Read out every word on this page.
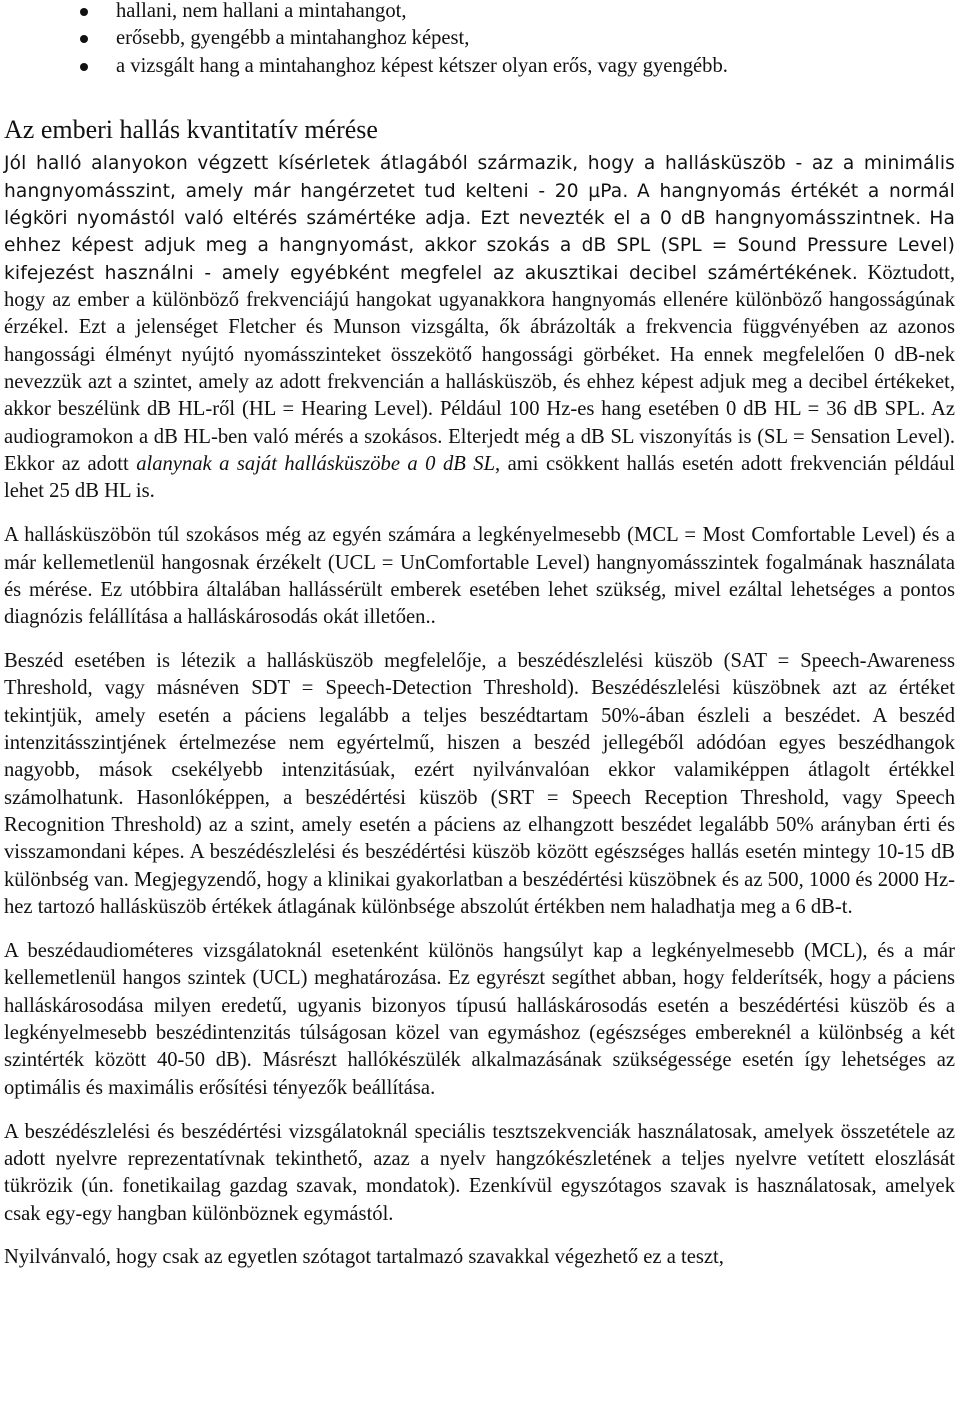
hallani, nem hallani a mintahangot,
erősebb, gyengébb a mintahanghoz képest,
a vizsgált hang a mintahanghoz képest kétszer olyan erős, vagy gyengébb.
Az emberi hallás kvantitatív mérése

Jól halló alanyokon végzett kísérletek átlagából származik, hogy a hallásküszöb - az a minimális hangnyomásszint, amely már hangérzetet tud kelteni - 20 µPa. A hangnyomás értékét a normál légköri nyomástól való eltérés számértéke adja. Ezt nevezték el a 0 dB hangnyomásszintnek. Ha ehhez képest adjuk meg a hangnyomást, akkor szokás a dB SPL (SPL = Sound Pressure Level) kifejezést használni - amely egyébként megfelel az akusztikai decibel számértékének. Köztudott, hogy az ember a különböző frekvenciájú hangokat ugyanakkora hangnyomás ellenére különböző hangosságúnak érzékel. Ezt a jelenséget Fletcher és Munson vizsgálta, ők ábrázolták a frekvencia függvényében az azonos hangossági élményt nyújtó nyomásszinteket összekötő hangossági görbéket. Ha ennek megfelelően 0 dB-nek nevezzük azt a szintet, amely az adott frekvencián a hallásküszöb, és ehhez képest adjuk meg a decibel értékeket, akkor beszélünk dB HL-ről (HL = Hearing Level). Például 100 Hz-es hang esetében 0 dB HL = 36 dB SPL. Az audiogramokon a dB HL-ben való mérés a szokásos. Elterjedt még a dB SL viszonyítás is (SL = Sensation Level). Ekkor az adott alanynak a saját hallásküszöbe a 0 dB SL, ami csökkent hallás esetén adott frekvencián például lehet 25 dB HL is.

A hallásküszöbön túl szokásos még az egyén számára a legkényelmesebb (MCL = Most Comfortable Level) és a már kellemetlenül hangosnak érzékelt (UCL = UnComfortable Level) hangnyomásszintek fogalmának használata és mérése. Ez utóbbira általában hallássérült emberek esetében lehet szükség, mivel ezáltal lehetséges a pontos diagnózis felállítása a halláskárosodás okát illetően..

Beszéd esetében is létezik a hallásküszöb megfelelője, a beszédészlelési küszöb (SAT = Speech-Awareness Threshold, vagy másnéven SDT = Speech-Detection Threshold). Beszédészlelési küszöbnek azt az értéket tekintjük, amely esetén a páciens legalább a teljes beszédtartam 50%-ában észleli a beszédet. A beszéd intenzitásszintjének értelmezése nem egyértelmű, hiszen a beszéd jellegéből adódóan egyes beszédhangok nagyobb, mások csekélyebb intenzitásúak, ezért nyilvánvalóan ekkor valamiképpen átlagolt értékkel számolhatunk. Hasonlóképpen, a beszédértési küszöb (SRT = Speech Reception Threshold, vagy Speech Recognition Threshold) az a szint, amely esetén a páciens az elhangzott beszédet legalább 50% arányban érti és visszamondani képes. A beszédészlelési és beszédértési küszöb között egészséges hallás esetén mintegy 10-15 dB különbség van. Megjegyzendő, hogy a klinikai gyakorlatban a beszédértési küszöbnek és az 500, 1000 és 2000 Hz-hez tartozó hallásküszöb értékek átlagának különbsége abszolút értékben nem haladhatja meg a 6 dB-t.

A beszédaudiométeres vizsgálatoknál esetenként különös hangsúlyt kap a legkényelmesebb (MCL), és a már kellemetlenül hangos szintek (UCL) meghatározása. Ez egyrészt segíthet abban, hogy felderítsék, hogy a páciens halláskárosodása milyen eredetű, ugyanis bizonyos típusú halláskárosodás esetén a beszédértési küszöb és a legkényelmesebb beszédintenzitás túlságosan közel van egymáshoz (egészséges embereknél a különbség a két szintérték között 40-50 dB). Másrészt hallókészülék alkalmazásának szükségessége esetén így lehetséges az optimális és maximális erősítési tényezők beállítása.

A beszédészlelési és beszédértési vizsgálatoknál speciális tesztszekvenciák használatosak, amelyek összetétele az adott nyelvre reprezentatívnak tekinthető, azaz a nyelv hangzókészletének a teljes nyelvre vetített eloszlását tükrözik (ún. fonetikailag gazdag szavak, mondatok). Ezenkívül egyszótagos szavak is használatosak, amelyek csak egy-egy hangban különböznek egymástól.

Nyilvánvaló, hogy csak az egyetlen szótagot tartalmazó szavakkal végezhető ez a teszt,
